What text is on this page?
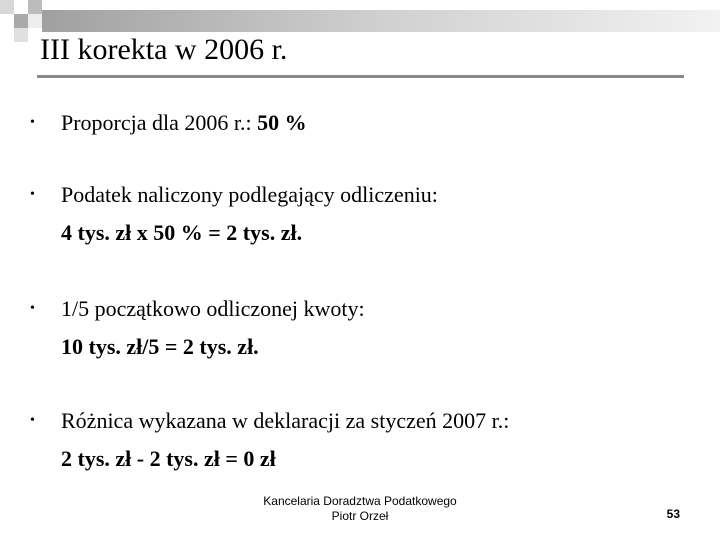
III korekta w 2006 r.
• Proporcja dla 2006 r.: 50 %
• Podatek naliczony podlegający odliczeniu:
4 tys. zł x 50 % = 2 tys. zł.
• 1/5 początkowo odliczonej kwoty:
10 tys. zł/5 = 2 tys. zł.
• Różnica wykazana w deklaracji za styczeń 2007 r.:
2 tys. zł - 2 tys. zł = 0 zł
Kancelaria Doradztwa Podatkowego
Piotr Orzeł	53
